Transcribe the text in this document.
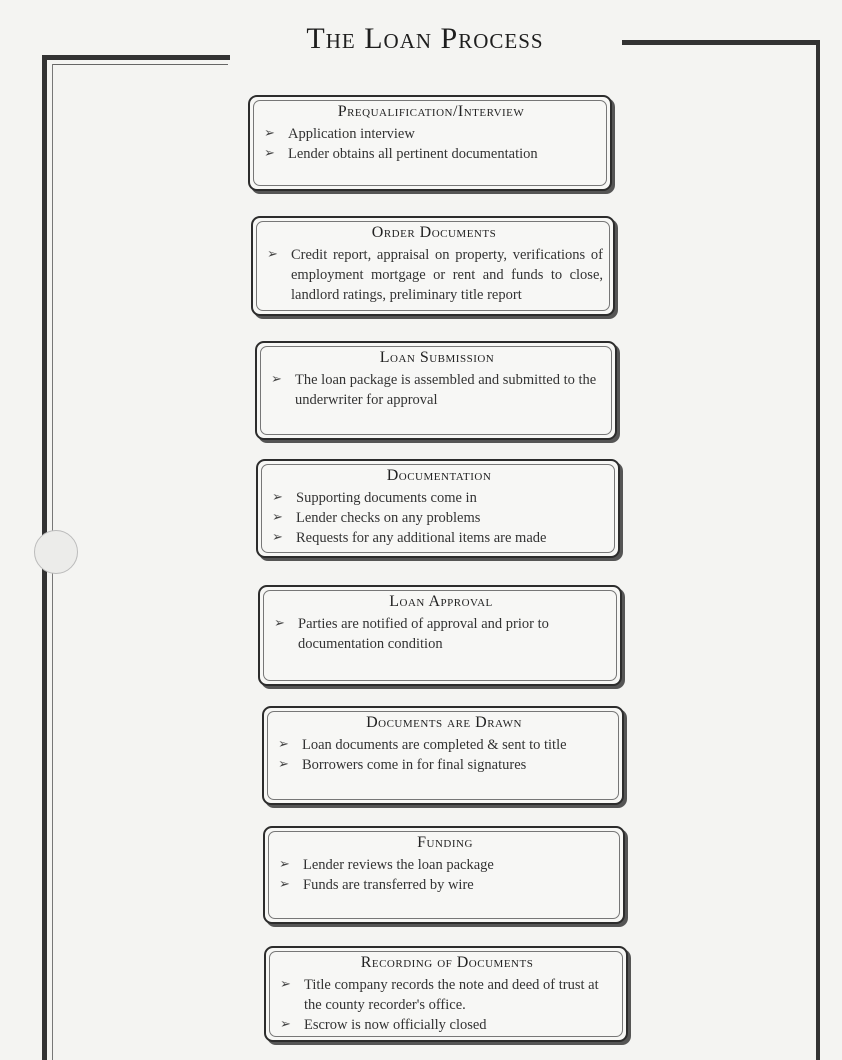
The Loan Process
Prequalification/Interview
➢ Application interview
➢ Lender obtains all pertinent documentation
Order Documents
➢ Credit report, appraisal on property, verifications of employment mortgage or rent and funds to close, landlord ratings, preliminary title report
Loan Submission
➢ The loan package is assembled and submitted to the underwriter for approval
Documentation
➢ Supporting documents come in
➢ Lender checks on any problems
➢ Requests for any additional items are made
Loan Approval
➢ Parties are notified of approval and prior to documentation condition
Documents are Drawn
➢ Loan documents are completed & sent to title
➢ Borrowers come in for final signatures
Funding
➢ Lender reviews the loan package
➢ Funds are transferred by wire
Recording of Documents
➢ Title company records the note and deed of trust at the county recorder's office.
➢ Escrow is now officially closed
